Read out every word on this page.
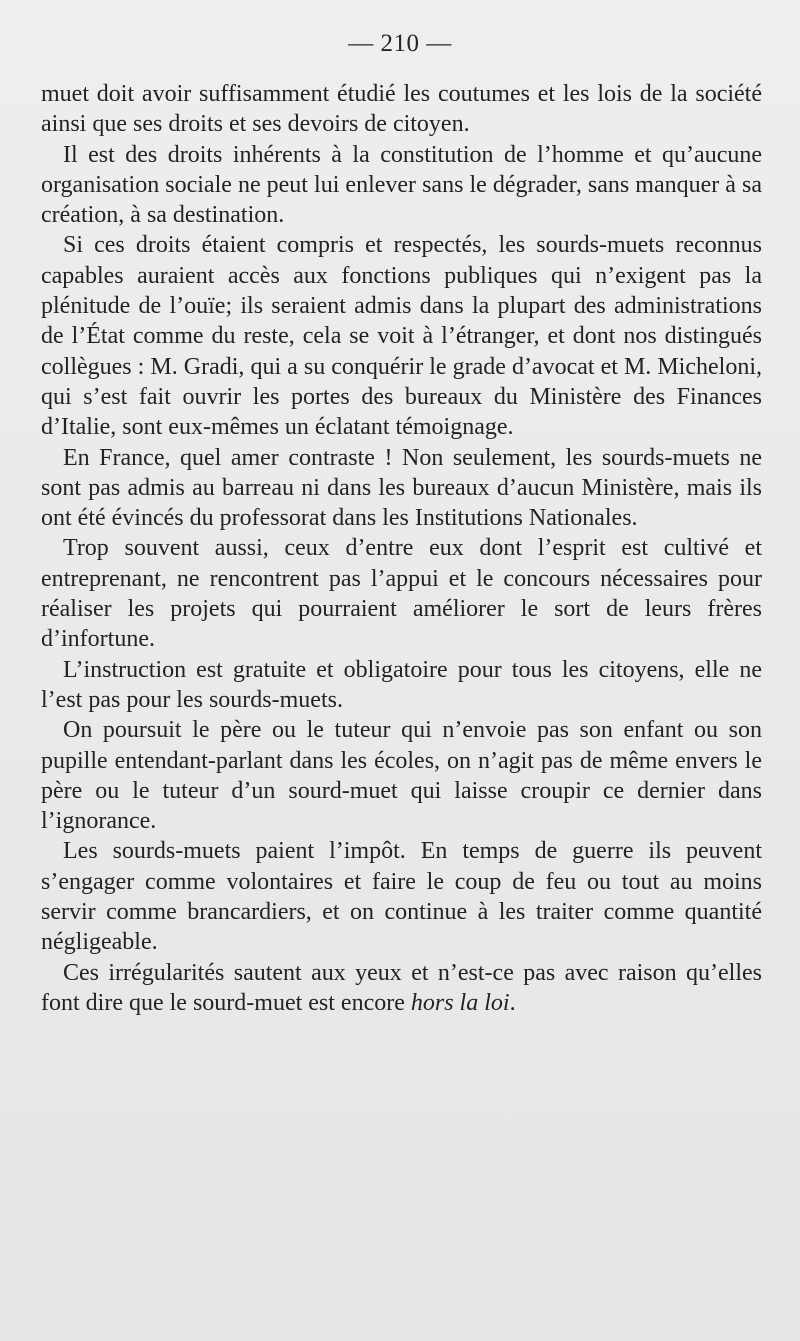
— 210 —

muet doit avoir suffisamment étudié les coutumes et les lois de la société ainsi que ses droits et ses devoirs de citoyen.

Il est des droits inhérents à la constitution de l’homme et qu’aucune organisation sociale ne peut lui enlever sans le dégrader, sans manquer à sa création, à sa destination.

Si ces droits étaient compris et respectés, les sourds-muets reconnus capables auraient accès aux fonctions publiques qui n’exigent pas la plénitude de l’ouïe; ils seraient admis dans la plupart des administrations de l’État comme du reste, cela se voit à l’étranger, et dont nos distingués collègues : M. Gradi, qui a su conquérir le grade d’avocat et M. Micheloni, qui s’est fait ouvrir les portes des bureaux du Ministère des Finances d’Italie, sont eux-mêmes un éclatant témoignage.

En France, quel amer contraste ! Non seulement, les sourds-muets ne sont pas admis au barreau ni dans les bureaux d’aucun Ministère, mais ils ont été évincés du professorat dans les Institutions Nationales.

Trop souvent aussi, ceux d’entre eux dont l’esprit est cultivé et entreprenant, ne rencontrent pas l’appui et le concours nécessaires pour réaliser les projets qui pourraient améliorer le sort de leurs frères d’infortune.

L’instruction est gratuite et obligatoire pour tous les citoyens, elle ne l’est pas pour les sourds-muets.

On poursuit le père ou le tuteur qui n’envoie pas son enfant ou son pupille entendant-parlant dans les écoles, on n’agit pas de même envers le père ou le tuteur d’un sourd-muet qui laisse croupir ce dernier dans l’ignorance.

Les sourds-muets paient l’impôt. En temps de guerre ils peuvent s’engager comme volontaires et faire le coup de feu ou tout au moins servir comme brancardiers, et on continue à les traiter comme quantité négligeable.

Ces irrégularités sautent aux yeux et n’est-ce pas avec raison qu’elles font dire que le sourd-muet est encore hors la loi.
